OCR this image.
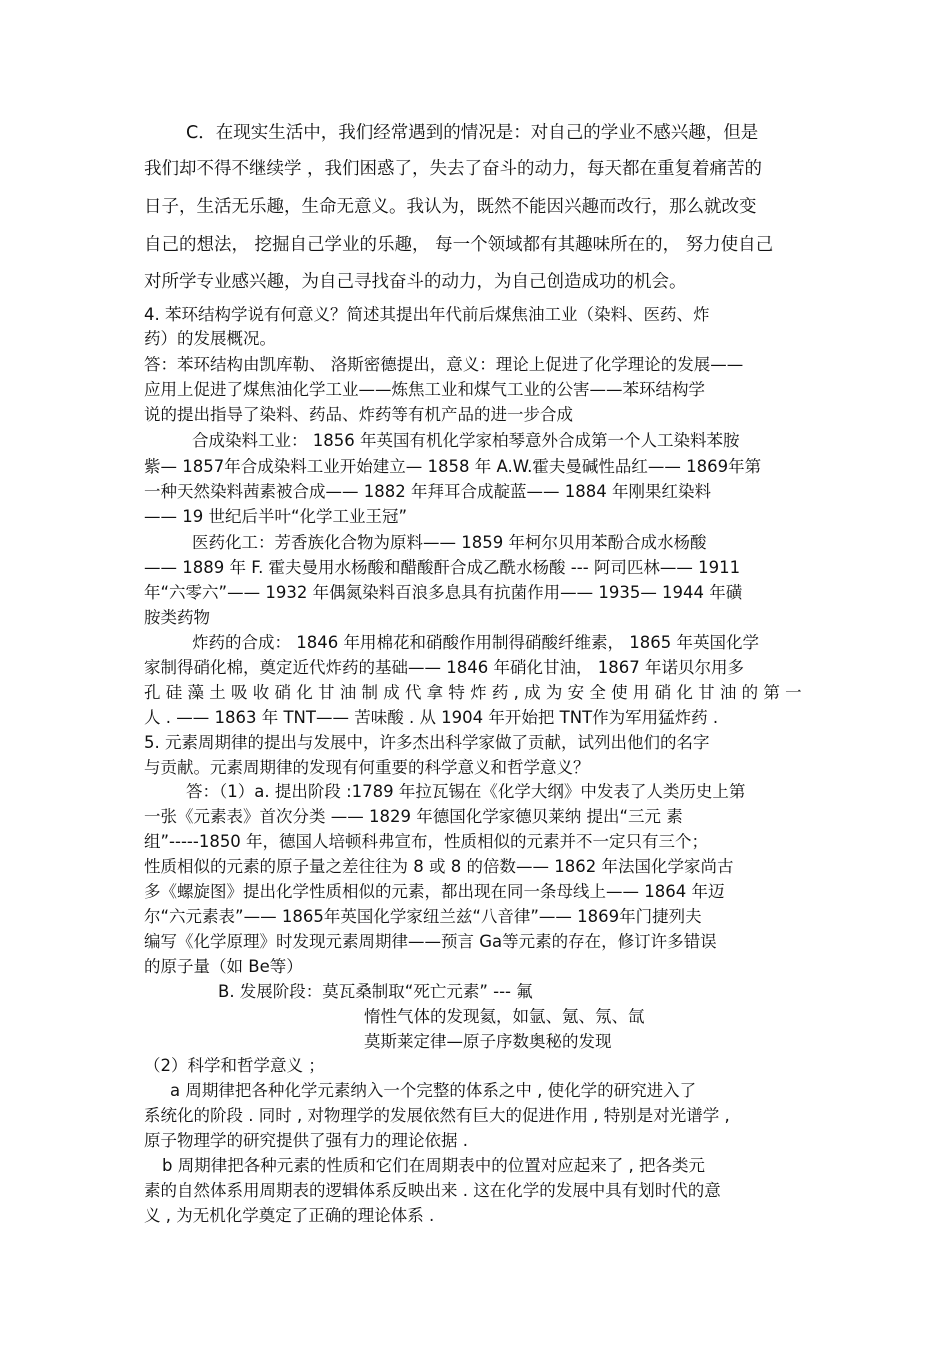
C．在现实生活中，我们经常遇到的情况是：对自己的学业不感兴趣，但是
我们却不得不继续学 ，我们困惑了，失去了奋斗的动力，每天都在重复着痛苦的
日子，生活无乐趣，生命无意义。我认为，既然不能因兴趣而改行，那么就改变
自己的想法， 挖掘自己学业的乐趣， 每一个领域都有其趣味所在的， 努力使自己
对所学专业感兴趣，为自己寻找奋斗的动力，为自己创造成功的机会。
4. 苯环结构学说有何意义？简述其提出年代前后煤焦油工业（染料、医药、炸
药）的发展概况。
答：苯环结构由凯库勒、 洛斯密德提出，意义：理论上促进了化学理论的发展——
应用上促进了煤焦油化学工业——炼焦工业和煤气工业的公害——苯环结构学
说的提出指导了染料、药品、炸药等有机产品的进一步合成
合成染料工业： 1856 年英国有机化学家柏琴意外合成第一个人工染料苯胺
紫— 1857年合成染料工业开始建立— 1858 年 A.W.霍夫曼碱性品红—— 1869年第
一种天然染料茜素被合成—— 1882 年拜耳合成靛蓝—— 1884 年刚果红染料
—— 19 世纪后半叶“化学工业王冠”
医药化工：芳香族化合物为原料—— 1859 年柯尔贝用苯酚合成水杨酸
—— 1889 年 F. 霍夫曼用水杨酸和醋酸酐合成乙酰水杨酸 --- 阿司匹林—— 1911
年“六零六”—— 1932 年偶氮染料百浪多息具有抗菌作用—— 1935— 1944 年磺
胺类药物
炸药的合成： 1846 年用棉花和硝酸作用制得硝酸纤维素， 1865 年英国化学
家制得硝化棉，奠定近代炸药的基础—— 1846 年硝化甘油， 1867 年诺贝尔用多
孔 硅 藻 土 吸 收 硝 化 甘 油 制 成 代 拿 特 炸 药 , 成 为 安 全 使 用 硝 化 甘 油 的 第 一
人 . —— 1863 年 TNT—— 苦味酸 . 从 1904 年开始把 TNT作为军用猛炸药 .
5. 元素周期律的提出与发展中，许多杰出科学家做了贡献，试列出他们的名字
与贡献。元素周期律的发现有何重要的科学意义和哲学意义？
答：（1）a. 提出阶段 :1789 年拉瓦锡在《化学大纲》中发表了人类历史上第
一张《元素表》首次分类 —— 1829 年德国化学家德贝莱纳 提出“三元 素
组”-----1850 年，德国人培顿科弗宣布，性质相似的元素并不一定只有三个；
性质相似的元素的原子量之差往往为 8 或 8 的倍数—— 1862 年法国化学家尚古
多《螺旋图》提出化学性质相似的元素，都出现在同一条母线上—— 1864 年迈
尔“六元素表”—— 1865年英国化学家纽兰兹“八音律”—— 1869年门捷列夫
编写《化学原理》时发现元素周期律——预言 Ga等元素的存在，修订许多错误
的原子量（如 Be等）
B. 发展阶段：莫瓦桑制取“死亡元素” --- 氟
惰性气体的发现氦，如氩、氪、氖、氙
莫斯莱定律—原子序数奥秘的发现
（2）科学和哲学意义 ；
a 周期律把各种化学元素纳入一个完整的体系之中 , 使化学的研究进入了
系统化的阶段 . 同时 , 对物理学的发展依然有巨大的促进作用 , 特别是对光谱学 ,
原子物理学的研究提供了强有力的理论依据 .
b 周期律把各种元素的性质和它们在周期表中的位置对应起来了 , 把各类元
素的自然体系用周期表的逻辑体系反映出来 . 这在化学的发展中具有划时代的意
义 , 为无机化学奠定了正确的理论体系 .
